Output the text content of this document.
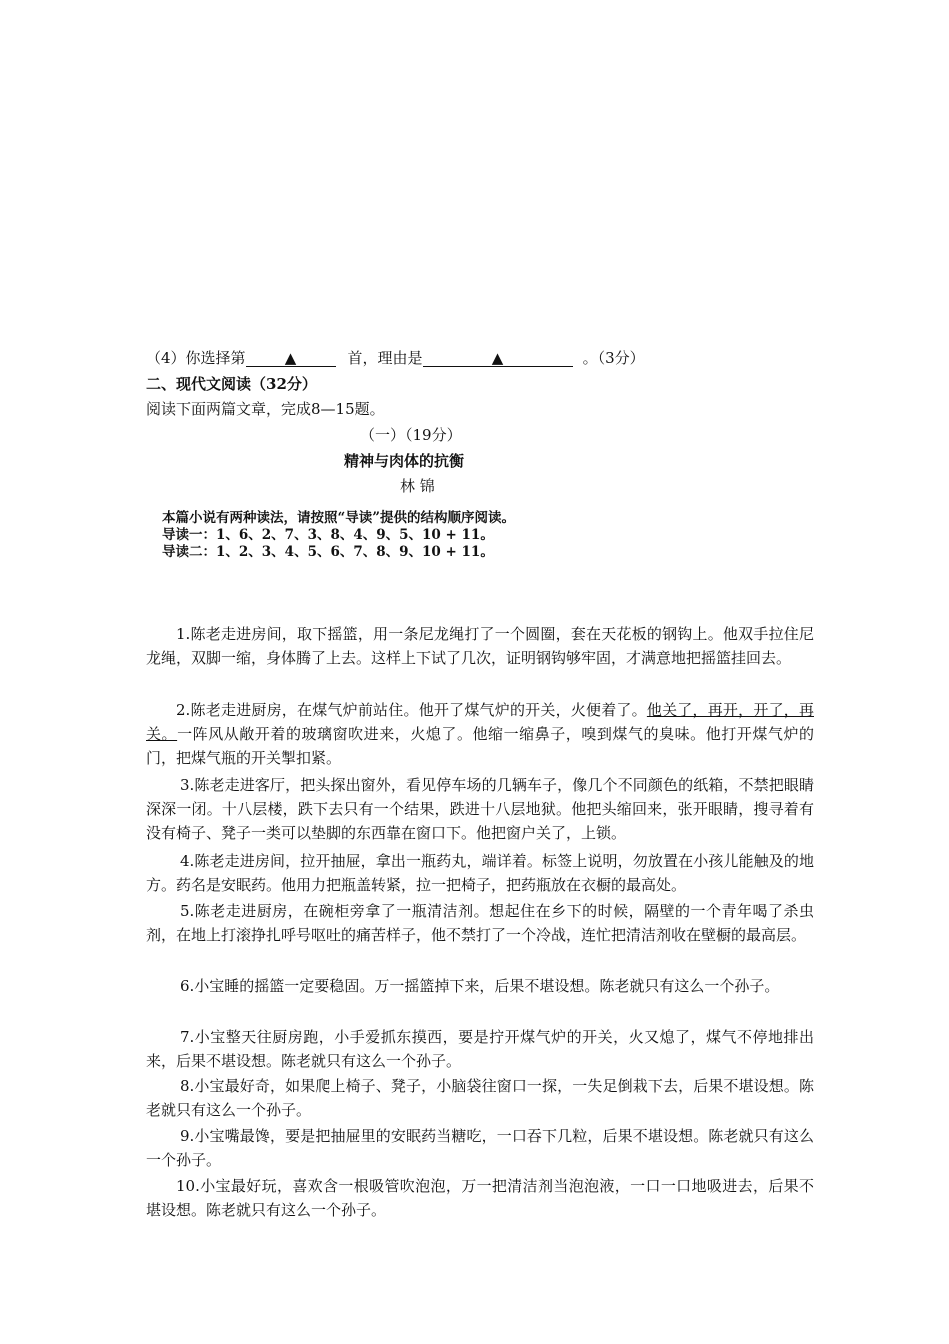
（4）你选择第	▲	首，理由是	▲	。（3分）
二、现代文阅读（32分）
阅读下面两篇文章，完成8—15题。
（一）（19分）
精神与肉体的抗衡
林 锦
本篇小说有两种读法，请按照“导读”提供的结构顺序阅读。
导读一：1、6、2、7、3、8、4、9、5、10 + 11。
导读二：1、2、3、4、5、6、7、8、9、10 + 11。
1.陈老走进房间，取下摇篮，用一条尼龙绳打了一个圆圈，套在天花板的钢钩上。他双手拉住尼龙绳，双脚一缩，身体腾了上去。这样上下试了几次，证明钢钩够牢固，才满意地把摇篮挂回去。
2.陈老走进厨房，在煤气炉前站住。他开了煤气炉的开关，火便着了。他关了，再开，开了，再关。一阵风从敞开着的玻璃窗吹进来，火熄了。他缩一缩鼻子，嗅到煤气的臭味。他打开煤气炉的门，把煤气瓶的开关掣扣紧。
3.陈老走进客厅，把头探出窗外，看见停车场的几辆车子，像几个不同颜色的纸箱，不禁把眼睛深深一闭。十八层楼，跌下去只有一个结果，跌进十八层地狱。他把头缩回来，张开眼睛，搜寻着有没有椅子、凳子一类可以垫脚的东西靠在窗口下。他把窗户关了，上锁。
4.陈老走进房间，拉开抽屉，拿出一瓶药丸，端详着。标签上说明，勿放置在小孩儿能触及的地方。药名是安眠药。他用力把瓶盖转紧，拉一把椅子，把药瓶放在衣橱的最高处。
5.陈老走进厨房，在碗柜旁拿了一瓶清洁剂。想起住在乡下的时候，隔壁的一个青年喝了杀虫剂，在地上打滚挣扎呼号呕吐的痛苦样子，他不禁打了一个冷战，连忙把清洁剂收在壁橱的最高层。
6.小宝睡的摇篮一定要稳固。万一摇篮掉下来，后果不堪设想。陈老就只有这么一个孙子。
7.小宝整天往厨房跑，小手爱抓东摸西，要是拧开煤气炉的开关，火又熄了，煤气不停地排出来，后果不堪设想。陈老就只有这么一个孙子。
8.小宝最好奇，如果爬上椅子、凳子，小脑袋往窗口一探，一失足倒栽下去，后果不堪设想。陈老就只有这么一个孙子。
9.小宝嘴最馋，要是把抽屉里的安眠药当糖吃，一口吞下几粒，后果不堪设想。陈老就只有这么一个孙子。
10.小宝最好玩，喜欢含一根吸管吹泡泡，万一把清洁剂当泡泡液，一口一口地吸进去，后果不堪设想。陈老就只有这么一个孙子。
